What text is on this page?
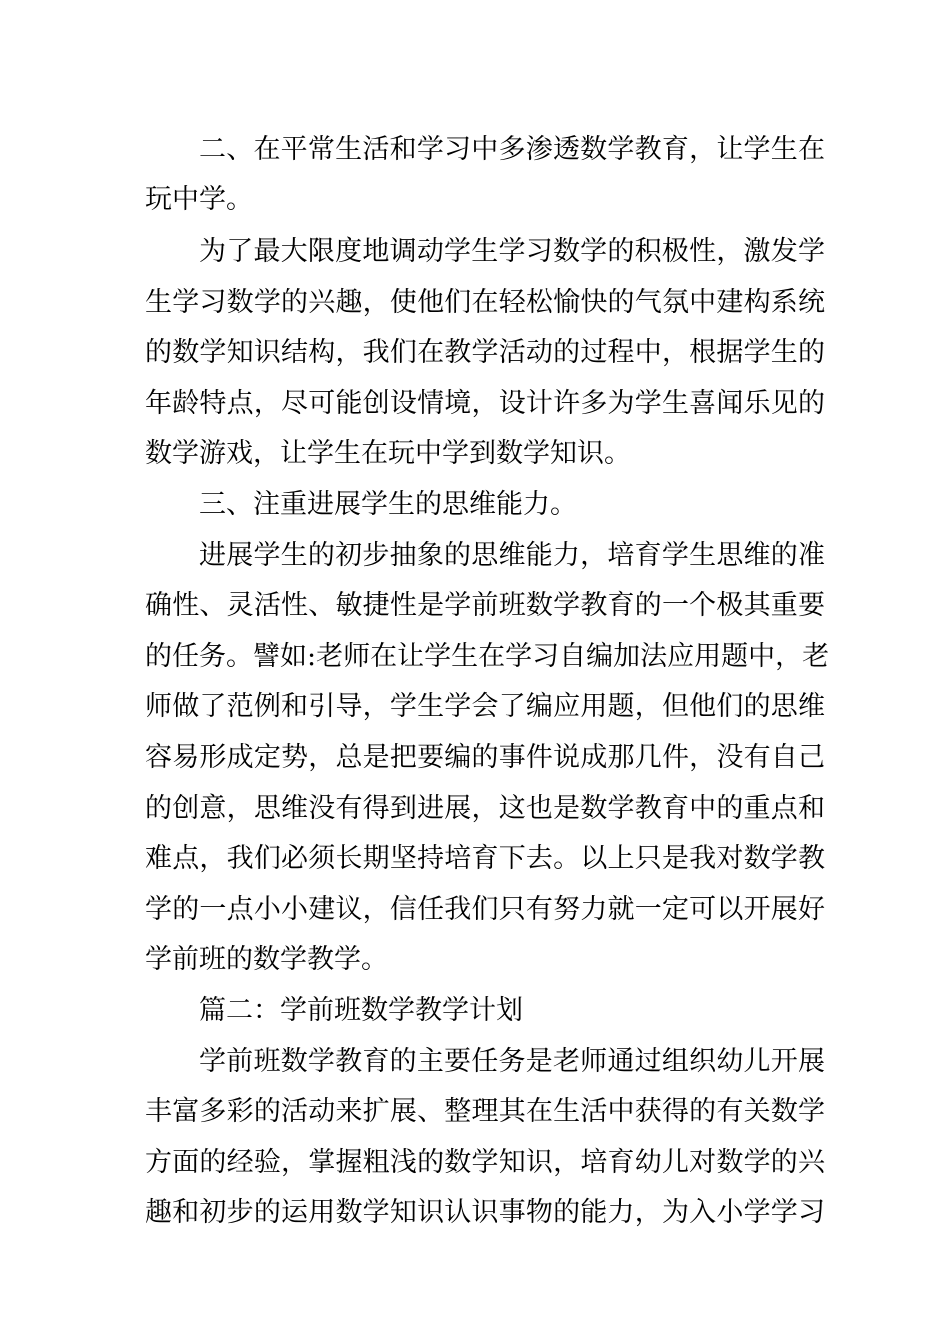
二、在平常生活和学习中多渗透数学教育，让学生在
玩中学。
为了最大限度地调动学生学习数学的积极性，激发学
生学习数学的兴趣，使他们在轻松愉快的气氛中建构系统
的数学知识结构，我们在教学活动的过程中，根据学生的
年龄特点，尽可能创设情境，设计许多为学生喜闻乐见的
数学游戏，让学生在玩中学到数学知识。
三、注重进展学生的思维能力。
进展学生的初步抽象的思维能力，培育学生思维的准
确性、灵活性、敏捷性是学前班数学教育的一个极其重要
的任务。譬如:老师在让学生在学习自编加法应用题中，老
师做了范例和引导，学生学会了编应用题，但他们的思维
容易形成定势，总是把要编的事件说成那几件，没有自己
的创意，思维没有得到进展，这也是数学教育中的重点和
难点，我们必须长期坚持培育下去。以上只是我对数学教
学的一点小小建议，信任我们只有努力就一定可以开展好
学前班的数学教学。
篇二：学前班数学教学计划
学前班数学教育的主要任务是老师通过组织幼儿开展
丰富多彩的活动来扩展、整理其在生活中获得的有关数学
方面的经验，掌握粗浅的数学知识，培育幼儿对数学的兴
趣和初步的运用数学知识认识事物的能力，为入小学学习
